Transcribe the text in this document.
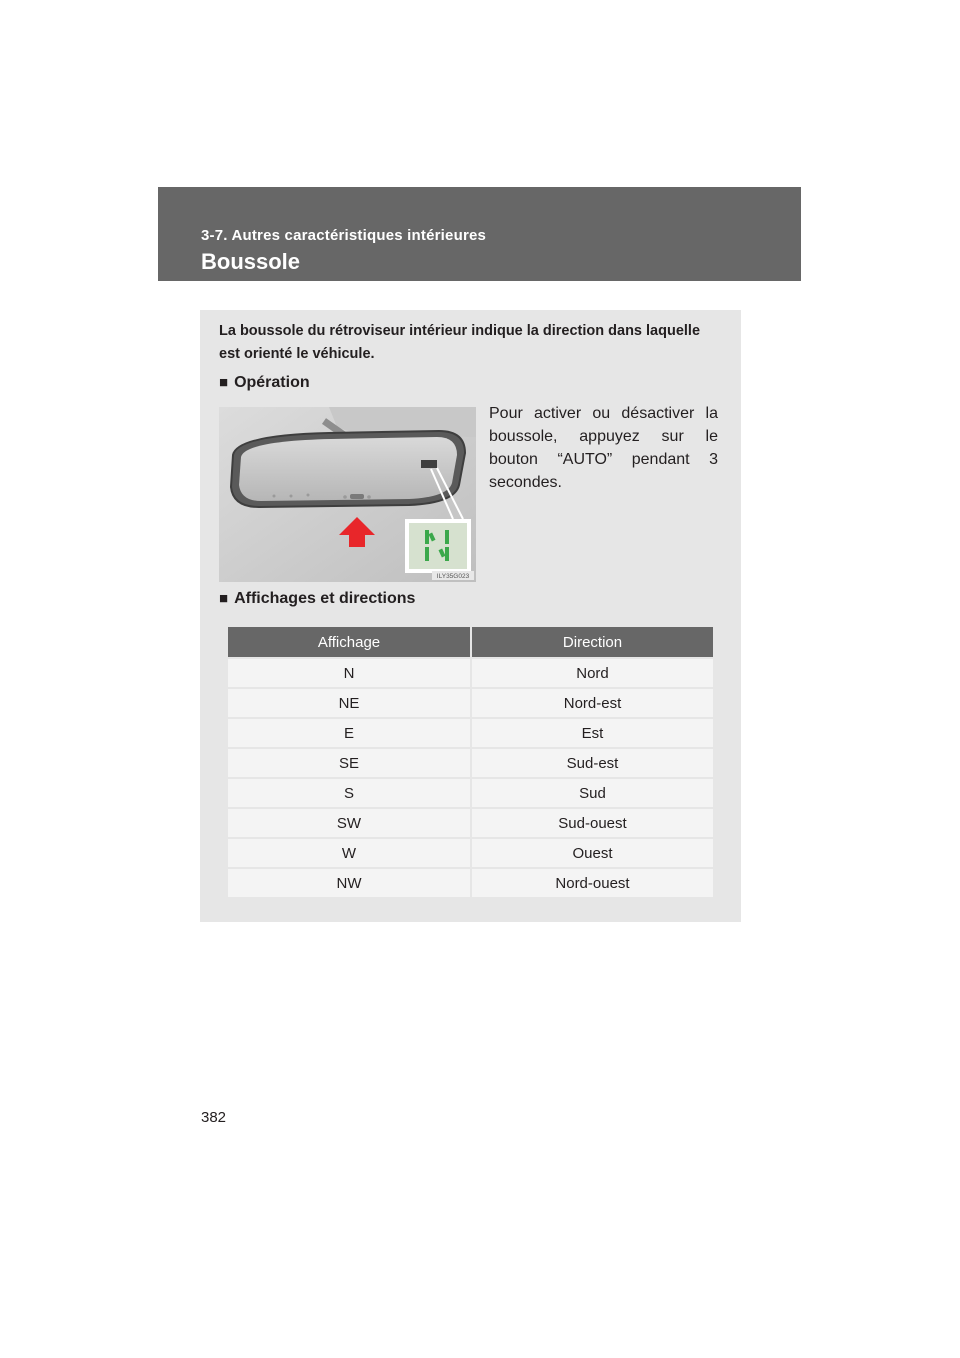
3-7. Autres caractéristiques intérieures
Boussole
La boussole du rétroviseur intérieur indique la direction dans laquelle est orienté le véhicule.
■ Opération
ILY35G023
Pour activer ou désactiver la boussole, appuyez sur le bouton “AUTO” pendant 3 secondes.
■ Affichages et directions
Affichage	Direction
N	Nord
NE	Nord-est
E	Est
SE	Sud-est
S	Sud
SW	Sud-ouest
W	Ouest
NW	Nord-ouest
382
